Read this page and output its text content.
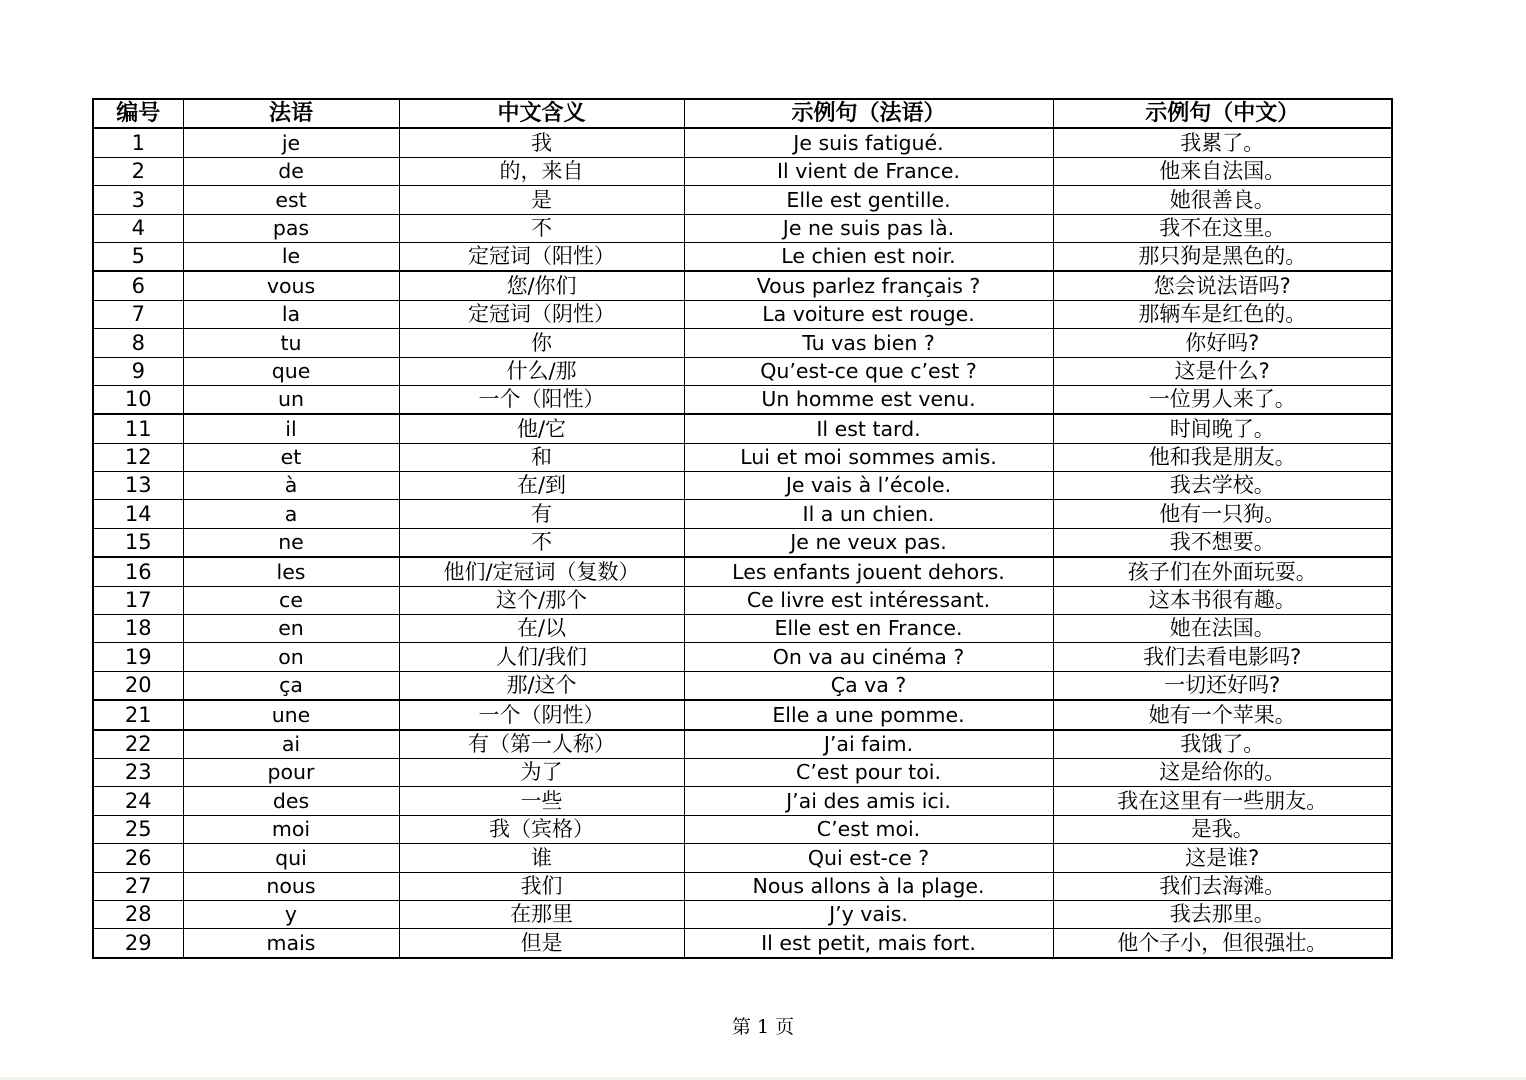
编号	法语	中文含义	示例句（法语）	示例句（中文）
1	je	我	Je suis fatigué.	我累了。
2	de	的，来自	Il vient de France.	他来自法国。
3	est	是	Elle est gentille.	她很善良。
4	pas	不	Je ne suis pas là.	我不在这里。
5	le	定冠词（阳性）	Le chien est noir.	那只狗是黑色的。
6	vous	您/你们	Vous parlez français ?	您会说法语吗?
7	la	定冠词（阴性）	La voiture est rouge.	那辆车是红色的。
8	tu	你	Tu vas bien ?	你好吗?
9	que	什么/那	Qu’est-ce que c’est ?	这是什么?
10	un	一个（阳性）	Un homme est venu.	一位男人来了。
11	il	他/它	Il est tard.	时间晚了。
12	et	和	Lui et moi sommes amis.	他和我是朋友。
13	à	在/到	Je vais à l’école.	我去学校。
14	a	有	Il a un chien.	他有一只狗。
15	ne	不	Je ne veux pas.	我不想要。
16	les	他们/定冠词（复数）	Les enfants jouent dehors.	孩子们在外面玩耍。
17	ce	这个/那个	Ce livre est intéressant.	这本书很有趣。
18	en	在/以	Elle est en France.	她在法国。
19	on	人们/我们	On va au cinéma ?	我们去看电影吗?
20	ça	那/这个	Ça va ?	一切还好吗?
21	une	一个（阴性）	Elle a une pomme.	她有一个苹果。
22	ai	有（第一人称）	J’ai faim.	我饿了。
23	pour	为了	C’est pour toi.	这是给你的。
24	des	一些	J’ai des amis ici.	我在这里有一些朋友。
25	moi	我（宾格）	C’est moi.	是我。
26	qui	谁	Qui est-ce ?	这是谁?
27	nous	我们	Nous allons à la plage.	我们去海滩。
28	y	在那里	J’y vais.	我去那里。
29	mais	但是	Il est petit, mais fort.	他个子小，但很强壮。
第 1 页
